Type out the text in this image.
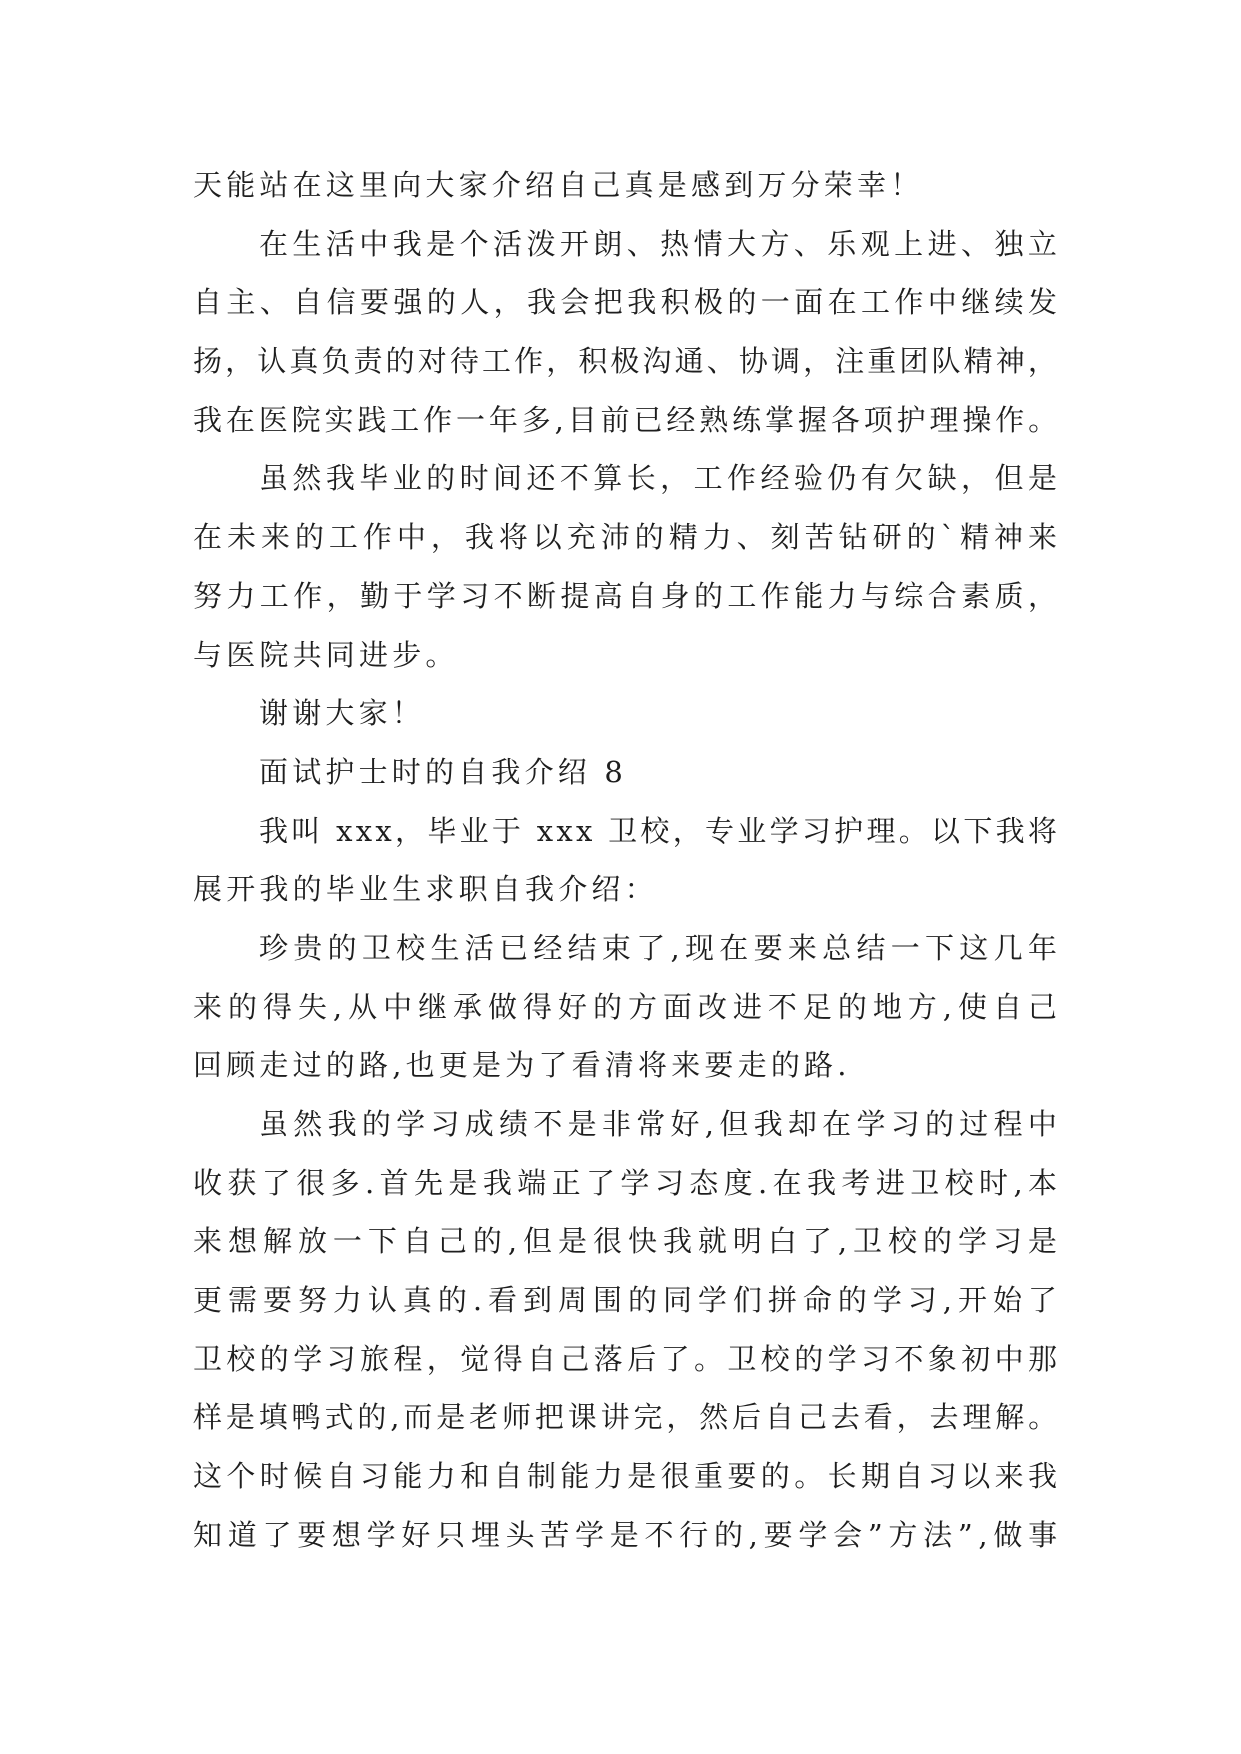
天能站在这里向大家介绍自己真是感到万分荣幸！

在生活中我是个活泼开朗、热情大方、乐观上进、独立
自主、自信要强的人，我会把我积极的一面在工作中继续发
扬，认真负责的对待工作，积极沟通、协调，注重团队精神，
我在医院实践工作一年多,目前已经熟练掌握各项护理操作。

虽然我毕业的时间还不算长，工作经验仍有欠缺，但是
在未来的工作中，我将以充沛的精力、刻苦钻研的`精神来
努力工作，勤于学习不断提高自身的工作能力与综合素质，
与医院共同进步。

谢谢大家！

面试护士时的自我介绍 8

我叫 xxx，毕业于 xxx 卫校，专业学习护理。以下我将
展开我的毕业生求职自我介绍：

珍贵的卫校生活已经结束了,现在要来总结一下这几年
来的得失,从中继承做得好的方面改进不足的地方,使自己
回顾走过的路,也更是为了看清将来要走的路.

虽然我的学习成绩不是非常好,但我却在学习的过程中
收获了很多.首先是我端正了学习态度.在我考进卫校时,本
来想解放一下自己的,但是很快我就明白了,卫校的学习是
更需要努力认真的.看到周围的同学们拼命的学习,开始了
卫校的学习旅程，觉得自己落后了。卫校的学习不象初中那
样是填鸭式的,而是老师把课讲完，然后自己去看，去理解。
这个时候自习能力和自制能力是很重要的。长期自习以来我
知道了要想学好只埋头苦学是不行的,要学会”方法”,做事
